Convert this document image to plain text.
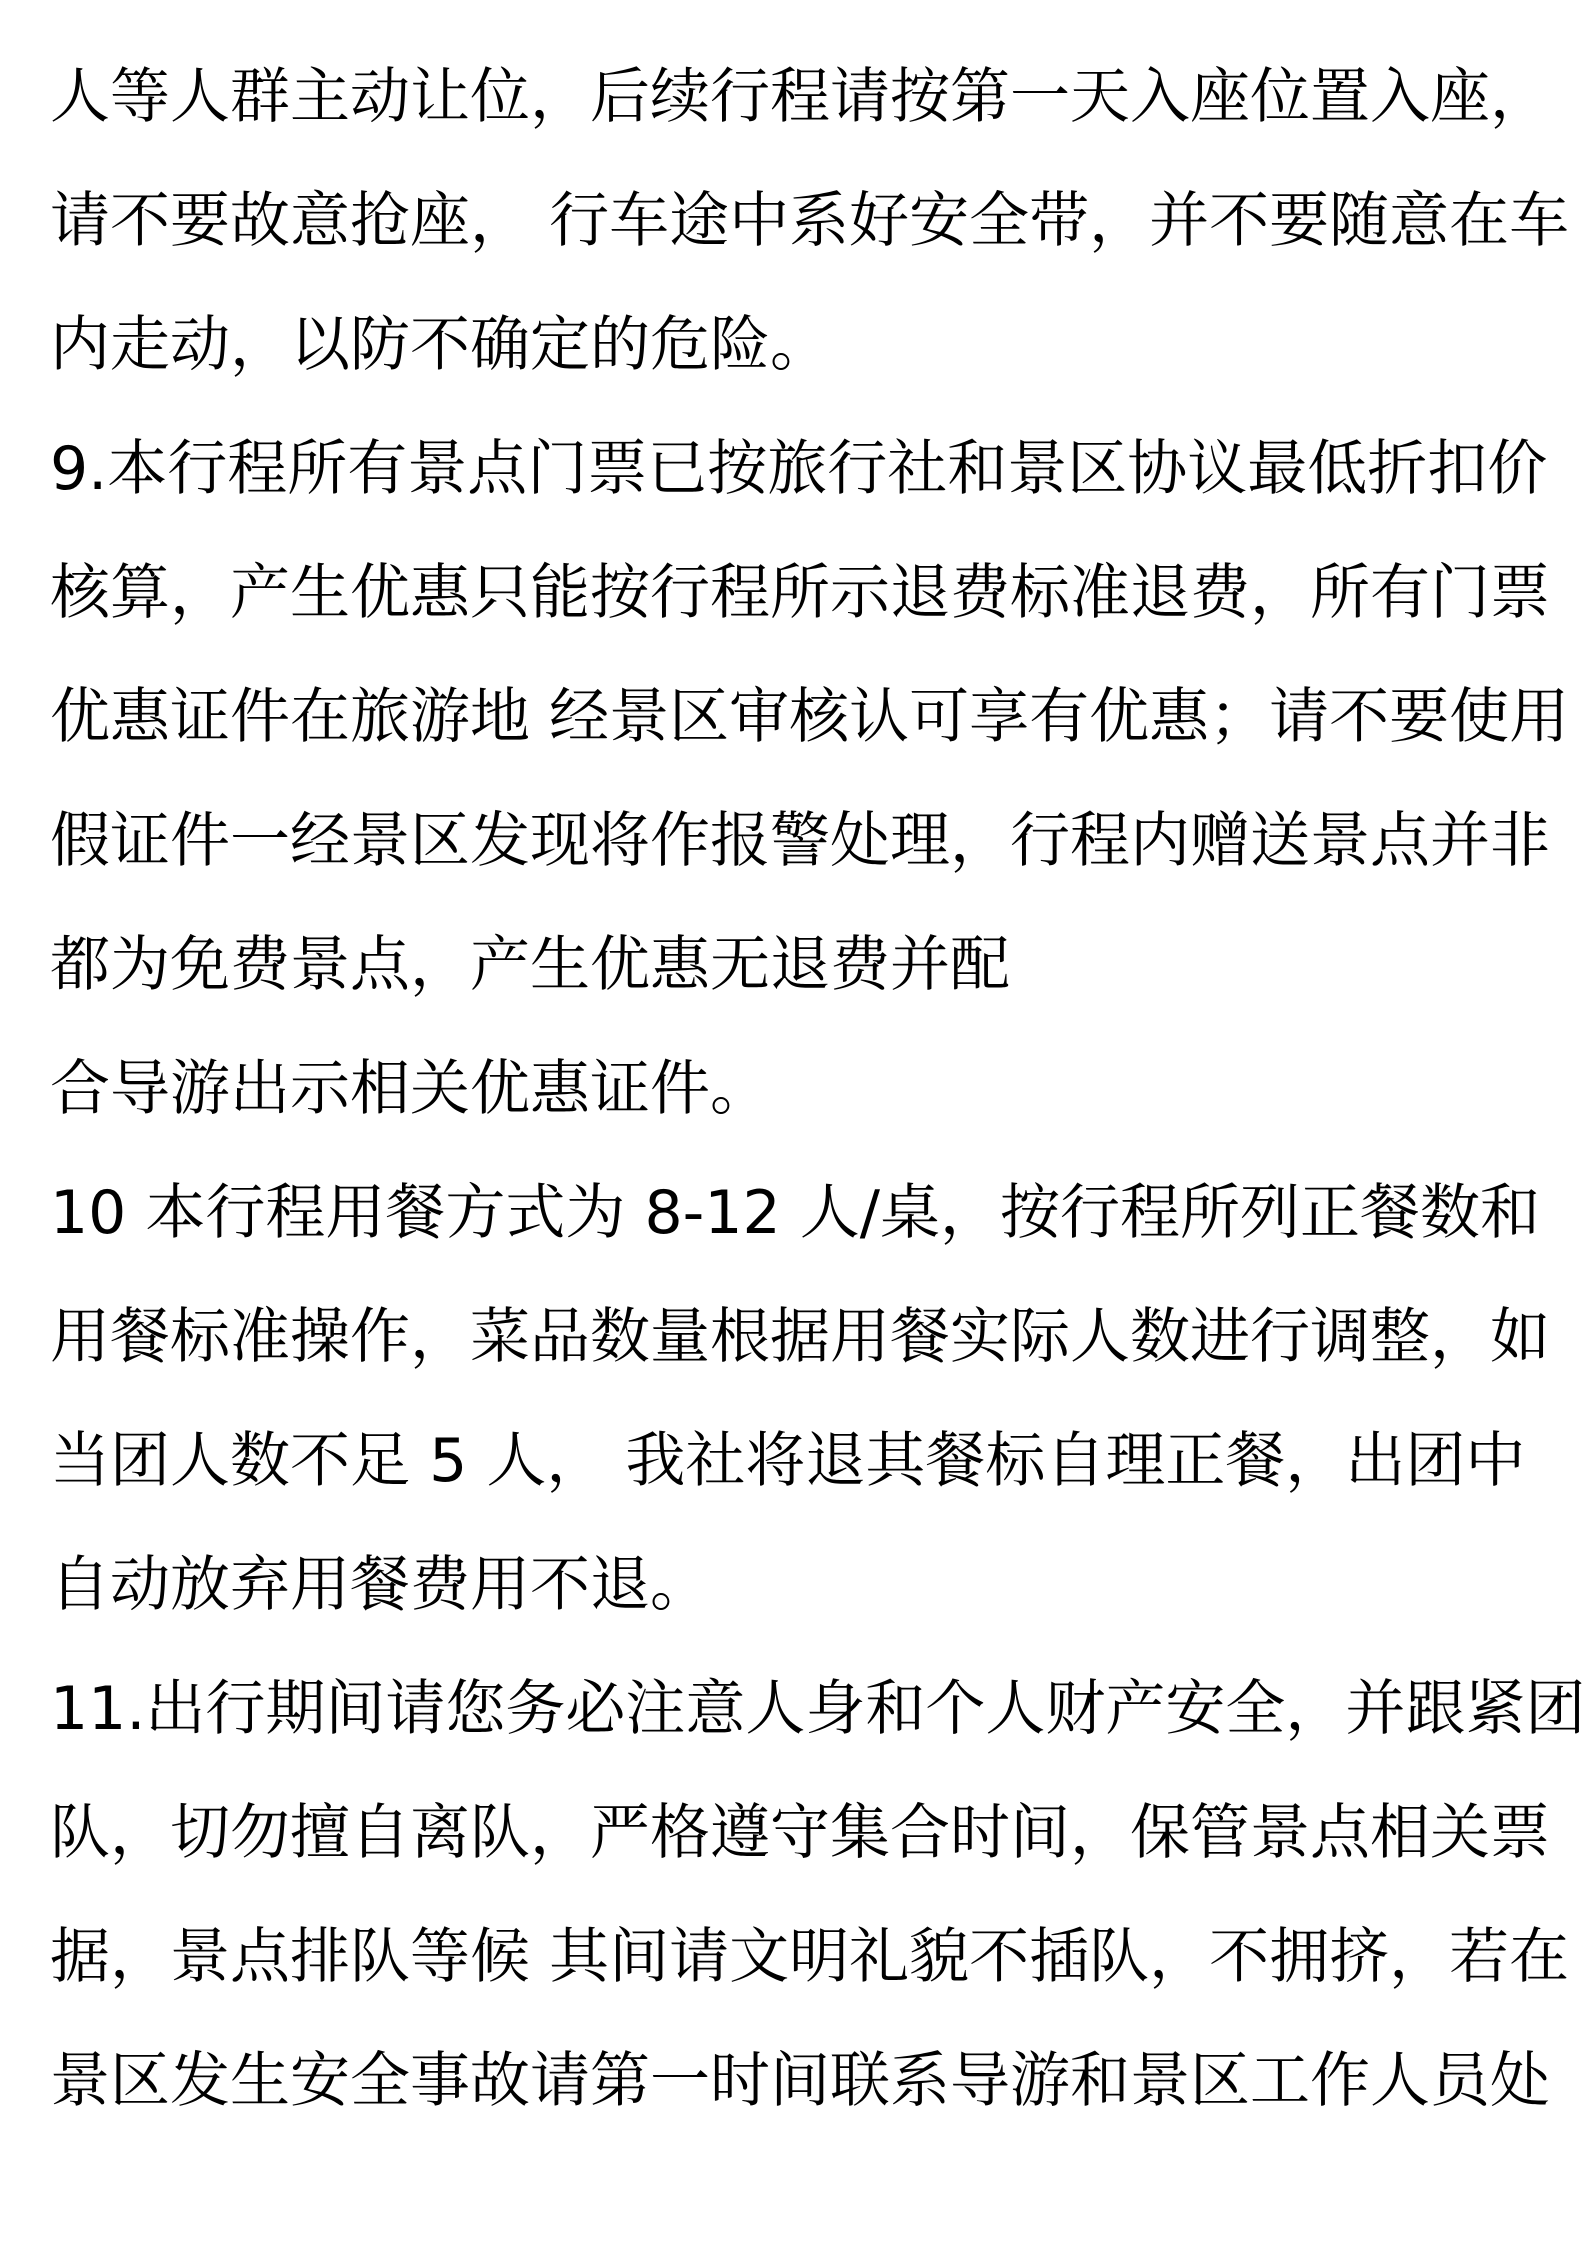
人等人群主动让位，后续行程请按第一天入座位置入座，
请不要故意抢座， 行车途中系好安全带，并不要随意在车
内走动，以防不确定的危险。
9.本行程所有景点门票已按旅行社和景区协议最低折扣价
核算，产生优惠只能按行程所示退费标准退费，所有门票
优惠证件在旅游地 经景区审核认可享有优惠；请不要使用
假证件一经景区发现将作报警处理，行程内赠送景点并非
都为免费景点，产生优惠无退费并配
合导游出示相关优惠证件。
10 本行程用餐方式为 8-12 人/桌，按行程所列正餐数和
用餐标准操作，菜品数量根据用餐实际人数进行调整，如
当团人数不足 5 人， 我社将退其餐标自理正餐，出团中
自动放弃用餐费用不退。
11.出行期间请您务必注意人身和个人财产安全，并跟紧团
队，切勿擅自离队，严格遵守集合时间，保管景点相关票
据，景点排队等候 其间请文明礼貌不插队，不拥挤，若在
景区发生安全事故请第一时间联系导游和景区工作人员处
